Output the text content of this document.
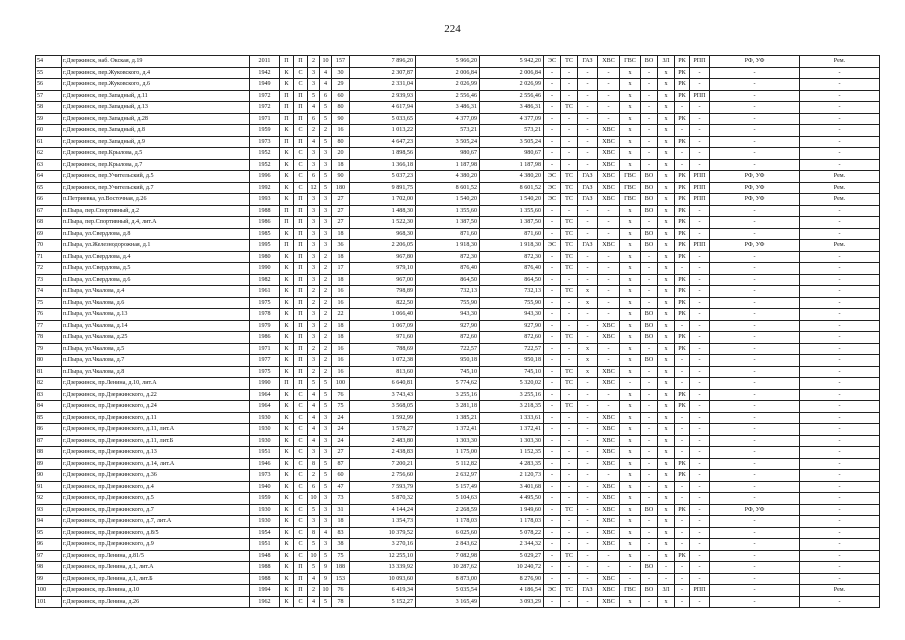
224
54	г.Дзержинск, наб. Окская, д.19	2011	П	П	2	10	157	7 896,20	5 966,20	5 942,20	ЭС	ТС	ГАЗ	ХВС	ГВС	ВО	ЗЛ	РК	РПП	РФ, УФ	Рем.
55	г.Дзержинск, пер.Жуковского, д.4	1942	К	С	3	4	30	2 307,87	2 006,84	2 006,84	-	-	-	-	х	-	х	РК	-	-	-
56	г.Дзержинск, пер.Жуковского, д.6	1949	К	С	3	4	29	2 331,04	2 026,99	2 026,99	-	-	-	-	х	-	х	РК	-	-	-
57	г.Дзержинск, пер.Западный, д.11	1972	П	П	5	6	60	2 939,93	2 556,46	2 556,46	-	-	-	-	х	-	х	РК	РПП	-	-
58	г.Дзержинск, пер.Западный, д.13	1972	П	П	4	5	80	4 617,94	3 486,31	3 486,31	-	ТС	-	-	х	-	х	-	-	-	-
59	г.Дзержинск, пер.Западный, д.28	1971	П	П	6	5	90	5 033,65	4 377,09	4 377,09	-	-	-	-	х	-	х	РК	-	-	-
60	г.Дзержинск, пер.Западный, д.8	1959	К	С	2	2	16	1 013,22	573,21	573,21	-	-	-	ХВС	х	-	х	-	-	-	-
61	г.Дзержинск, пер.Западный, д.9	1973	П	П	4	5	80	4 647,23	3 505,24	3 505,24	-	-	-	ХВС	х	-	х	РК	-	-	-
62	г.Дзержинск, пер.Крылова, д.5	1952	К	С	3	3	20	1 898,56	980,67	980,67	-	-	-	ХВС	х	-	х	-	-	-	-
63	г.Дзержинск, пер.Крылова, д.7	1952	К	С	3	3	18	1 366,18	1 187,98	1 187,98	-	-	-	ХВС	х	-	х	-	-	-	-
64	г.Дзержинск, пер.Учительский, д.5	1996	К	С	6	5	90	5 037,23	4 380,20	4 380,20	ЭС	ТС	ГАЗ	ХВС	ГВС	ВО	х	РК	РПП	РФ, УФ	Рем.
65	г.Дзержинск, пер.Учительский, д.7	1992	К	С	12	5	180	9 891,75	8 601,52	8 601,52	ЭС	ТС	ГАЗ	ХВС	ГВС	ВО	х	РК	РПП	РФ, УФ	Рем.
66	п.Петриевка, ул.Восточная, д.26	1993	К	П	3	3	27	1 702,00	1 540,20	1 540,20	ЭС	ТС	ГАЗ	ХВС	ГВС	ВО	х	РК	РПП	РФ, УФ	Рем.
67	п.Пыра, пер.Спортивный, д.2	1988	П	П	3	3	27	1 488,30	1 355,60	1 355,60	-	-	-	-	х	ВО	х	РК	-	-	-
68	п.Пыра, пер.Спортивный, д.4, лит.А	1986	П	П	3	3	27	1 522,30	1 387,50	1 387,50	-	ТС	-	-	х	-	х	РК	-	-	-
69	п.Пыра, ул.Свердлова, д.8	1985	К	П	3	3	18	968,30	871,60	871,60	-	ТС	-	-	х	ВО	х	РК	-	-	-
70	п.Пыра, ул.Железнодорожная, д.1	1995	П	П	3	3	36	2 206,05	1 918,30	1 918,30	ЭС	ТС	ГАЗ	ХВС	х	ВО	х	РК	РПП	РФ, УФ	Рем.
71	п.Пыра, ул.Свердлова, д.4	1980	К	П	3	2	18	967,80	872,30	872,30	-	ТС	-	-	х	-	х	РК	-	-	-
72	п.Пыра, ул.Свердлова, д.5	1990	К	П	3	2	17	979,10	876,40	876,40	-	ТС	-	-	х	-	х	-	-	-	-
73	п.Пыра, ул.Свердлова, д.6	1982	К	П	3	2	18	967,00	864,50	864,50	-	-	-	-	х	-	х	РК	-	-	-
74	п.Пыра, ул.Чкалова, д.4	1961	К	П	2	2	16	798,89	732,13	732,13	-	ТС	х	-	х	-	х	РК	-	-	-
75	п.Пыра, ул.Чкалова, д.6	1975	К	П	2	2	16	822,50	755,90	755,90	-	-	х	-	х	-	х	РК	-	-	-
76	п.Пыра, ул.Чкалова, д.13	1978	К	П	3	2	22	1 066,40	943,30	943,30	-	-	-	-	х	ВО	х	РК	-	-	-
77	п.Пыра, ул.Чкалова, д.14	1979	К	П	3	2	18	1 067,09	927,90	927,90	-	-	-	ХВС	х	ВО	х	-	-	-	-
78	п.Пыра, ул.Чкалова, д.25	1986	К	П	3	2	18	971,60	872,60	872,60	-	ТС	-	ХВС	х	ВО	х	РК	-	-	-
79	п.Пыра, ул.Чкалова, д.5	1971	К	П	2	2	16	788,69	722,57	722,57	-	-	х	-	х	-	х	РК	-	-	-
80	п.Пыра, ул.Чкалова, д.7	1977	К	П	3	2	16	1 072,38	950,18	950,18	-	-	х	-	х	ВО	х	-	-	-	-
81	п.Пыра, ул.Чкалова, д.8	1975	К	П	2	2	16	813,60	745,10	745,10	-	ТС	х	ХВС	х	-	х	-	-	-	-
82	г.Дзержинск, пр.Ленина, д.10, лит.А	1990	П	П	5	5	100	6 640,81	5 774,62	5 320,02	-	ТС	-	ХВС	-	-	х	-	-	-	-
83	г.Дзержинск, пр.Дзержинского, д.22	1964	К	С	4	5	76	3 743,43	3 255,16	3 255,16	-	-	-	-	х	-	х	РК	-	-	-
84	г.Дзержинск, пр.Дзержинского, д.24	1964	К	С	4	5	75	3 568,05	3 281,18	3 218,35	-	ТС	-	-	х	-	х	РК	-	-	-
85	г.Дзержинск, пр.Дзержинского, д.11	1930	К	С	4	3	24	1 592,99	1 385,21	1 333,61	-	-	-	ХВС	х	-	х	-	-	-	-
86	г.Дзержинск, пр.Дзержинского, д.11, лит.А	1930	К	С	4	3	24	1 578,27	1 372,41	1 372,41	-	-	-	ХВС	х	-	х	-	-	-	-
87	г.Дзержинск, пр.Дзержинского, д.11, лит.Б	1930	К	С	4	3	24	2 483,80	1 303,30	1 303,30	-	-	-	ХВС	х	-	х	-	-	-	-
88	г.Дзержинск, пр.Дзержинского, д.13	1951	К	С	3	3	27	2 438,83	1 175,00	1 152,35	-	-	-	ХВС	х	-	х	-	-	-	-
89	г.Дзержинск, пр.Дзержинского, д.14, лит.А	1946	К	С	8	5	87	7 200,21	5 112,82	4 283,35	-	-	-	ХВС	х	-	х	РК	-	-	-
90	г.Дзержинск, пр.Дзержинского, д.36	1973	К	С	2	5	60	2 756,60	2 632,97	2 120,73	-	-	-	-	х	-	х	РК	-	-	-
91	г.Дзержинск, пр.Дзержинского, д.4	1940	К	С	6	5	47	7 593,79	5 157,49	3 401,68	-	-	-	ХВС	х	-	х	-	-	-	-
92	г.Дзержинск, пр.Дзержинского, д.5	1959	К	С	10	3	73	5 870,32	5 104,63	4 495,50	-	-	-	ХВС	х	-	х	-	-	-	-
93	г.Дзержинск, пр.Дзержинского, д.7	1930	К	С	5	3	31	4 144,24	2 268,59	1 949,60	-	ТС	-	ХВС	х	ВО	х	РК	-	РФ, УФ	-
94	г.Дзержинск, пр.Дзержинского, д.7, лит.А	1930	К	С	3	3	18	1 354,73	1 178,03	1 178,03	-	-	-	ХВС	х	-	х	-	-	-	-
95	г.Дзержинск, пр.Дзержинского, д.8/5	1954	К	С	8	4	83	10 379,52	6 025,60	5 078,22	-	-	-	ХВС	х	-	х	-	-	-	-
96	г.Дзержинск, пр.Дзержинского, д.9	1951	К	С	5	3	38	3 270,16	2 843,62	2 344,32	-	-	-	ХВС	х	-	х	-	-	-	-
97	г.Дзержинск, пр.Ленина, д.81/5	1948	К	С	10	5	75	12 255,10	7 082,98	5 029,27	-	ТС	-	-	х	-	х	РК	-	-	-
98	г.Дзержинск, пр.Ленина, д.1, лит.А	1988	К	П	5	9	188	13 339,92	10 287,62	10 240,72	-	-	-	-	-	ВО	-	-	-	-	-
99	г.Дзержинск, пр.Ленина, д.1, лит.Б	1988	К	П	4	9	153	10 093,60	8 873,00	8 276,90	-	-	-	ХВС	-	-	-	-	-	-	-
100	г.Дзержинск, пр.Ленина, д.10	1994	К	П	2	10	76	6 419,34	5 035,54	4 186,54	ЭС	ТС	ГАЗ	ХВС	ГВС	ВО	ЗЛ	-	РПП	-	Рем.
101	г.Дзержинск, пр.Ленина, д.26	1962	К	С	4	5	78	5 152,27	3 165,49	3 093,29	-	-	-	ХВС	х	-	х	-	-	-	-
